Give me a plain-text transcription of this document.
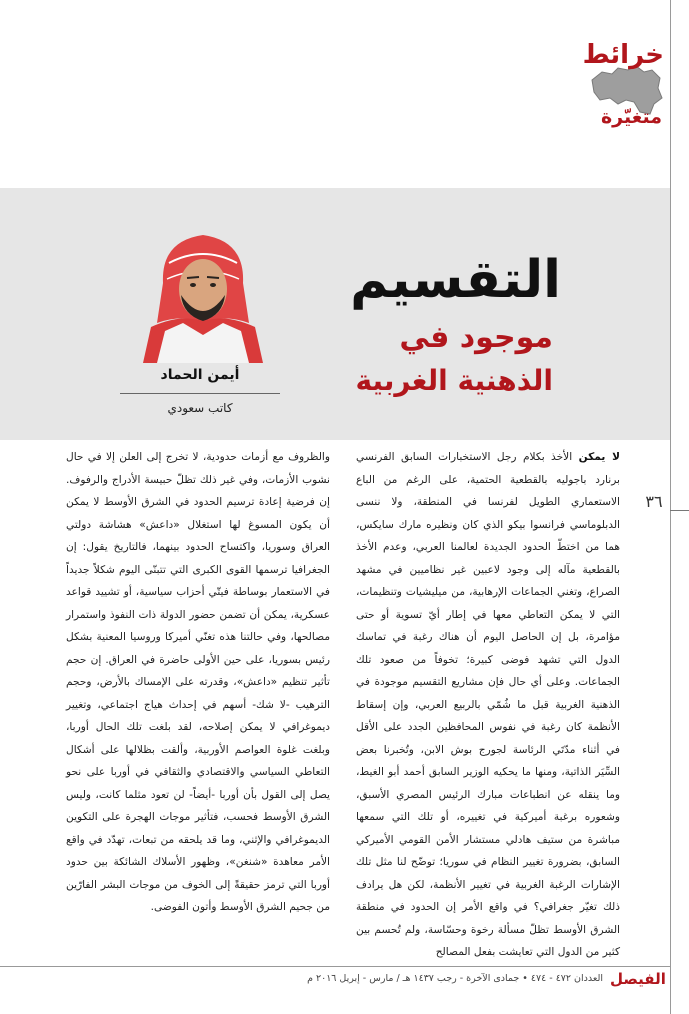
٣٦
خرائط
متغيّرة
التقسيم
موجود في
الذهنية الغربية
أيمن الحماد
كاتب سعودي

لا يمكن الأخذ بكلام رجل الاستخبارات السابق الفرنسي برنارد باجوليه بالقطعية الحتمية، على الرغم من الباع الاستعماري الطويل لفرنسا في المنطقة، ولا ننسى الدبلوماسي فرانسوا بيكو الذي كان ونظيره مارك سايكس، هما من اختطّ الحدود الجديدة لعالمنا العربي، وعدم الأخذ بالقطعية مآله إلى وجود لاعبين غير نظاميين في مشهد الصراع، وتغني الجماعات الإرهابية، من ميليشيات وتنظيمات، التي لا يمكن التعاطي معها في إطار أيّ تسوية أو حتى مؤامرة، بل إن الحاصل اليوم أن هناك رغبة في تماسك الدول التي تشهد فوضى كبيرة؛ تخوفاً من صعود تلك الجماعات. وعلى أي حال فإن مشاريع التقسيم موجودة في الذهنية الغربية قبل ما شُمّي بالربيع العربي، وإن إسقاط الأنظمة كان رغبة في نفوس المحافظين الجدد على الأقل في أثناء مدّتَي الرئاسة لجورج بوش الابن، وتُخبرنا بعض السِّيَر الذاتية، ومنها ما يحكيه الوزير السابق أحمد أبو الغيط، وما ينقله عن انطباعات مبارك الرئيس المصري الأسبق، وشعوره برغبة أميركية في تغييره، أو تلك التي سمعها مباشرة من ستيف هادلي مستشار الأمن القومي الأميركي السابق، بضرورة تغيير النظام في سوريا؛ توضّح لنا مثل تلك الإشارات الرغبة الغربية في تغيير الأنظمة، لكن هل يرادف ذلك تغيّر جغرافي؟ في واقع الأمر إن الحدود في منطقة الشرق الأوسط تظلّ مسألة رخوة وحسّاسة، ولم تُحسم بين كثير من الدول التي تعايشت بفعل المصالح

والظروف مع أزمات حدودية، لا تخرج إلى العلن إلا في حال نشوب الأزمات، وفي غير ذلك تظلّ حبيسة الأدراج والرفوف. إن فرضية إعادة ترسيم الحدود في الشرق الأوسط لا يمكن أن يكون المسوغ لها استغلال «داعش» هشاشة دولتي العراق وسوريا، واكتساح الحدود بينهما، فالتاريخ يقول: إن الجغرافيا ترسمها القوى الكبرى التي تتبنّى اليوم شكلاً جديداً في الاستعمار بوساطة فيتّي أحزاب سياسية، أو تشييد قواعد عسكرية، يمكن أن تضمن حضور الدولة ذات النفوذ واستمرار مصالحها، وفي حالتنا هذه تغنّي أميركا وروسيا المعنية بشكل رئيس بسوريا، على حين الأولى حاضرة في العراق. إن حجم تأثير تنظيم «داعش»، وقدرته على الإمساك بالأرض، وحجم الترهيب -لا شك- أسهم في إحداث هياج اجتماعي، وتغيير ديموغرافي لا يمكن إصلاحه، لقد بلغت تلك الحال أوربا، وبلغت غلوة العواصم الأوربية، وألقت بظلالها على أشكال التعاطي السياسي والاقتصادي والثقافي في أوربا على نحو يصل إلى القول بأن أوربا -أيضاً- لن تعود مثلما كانت، وليس الشرق الأوسط فحسب، فتأثير موجات الهجرة على التكوين الديموغرافي والإثني، وما قد يلحقه من تبعات، تهدّد في واقع الأمر معاهدة «شنغن»، وظهور الأسلاك الشائكة بين حدود أوربا التي ترمز حقيقةً إلى الخوف من موجات البشر الفارّين من جحيم الشرق الأوسط وأتون الفوضى.

الفيصل
العددان ٤٧٢ - ٤٧٤ • جمادى الآخرة - رجب ١٤٣٧ هـ / مارس - إبريل ٢٠١٦ م
